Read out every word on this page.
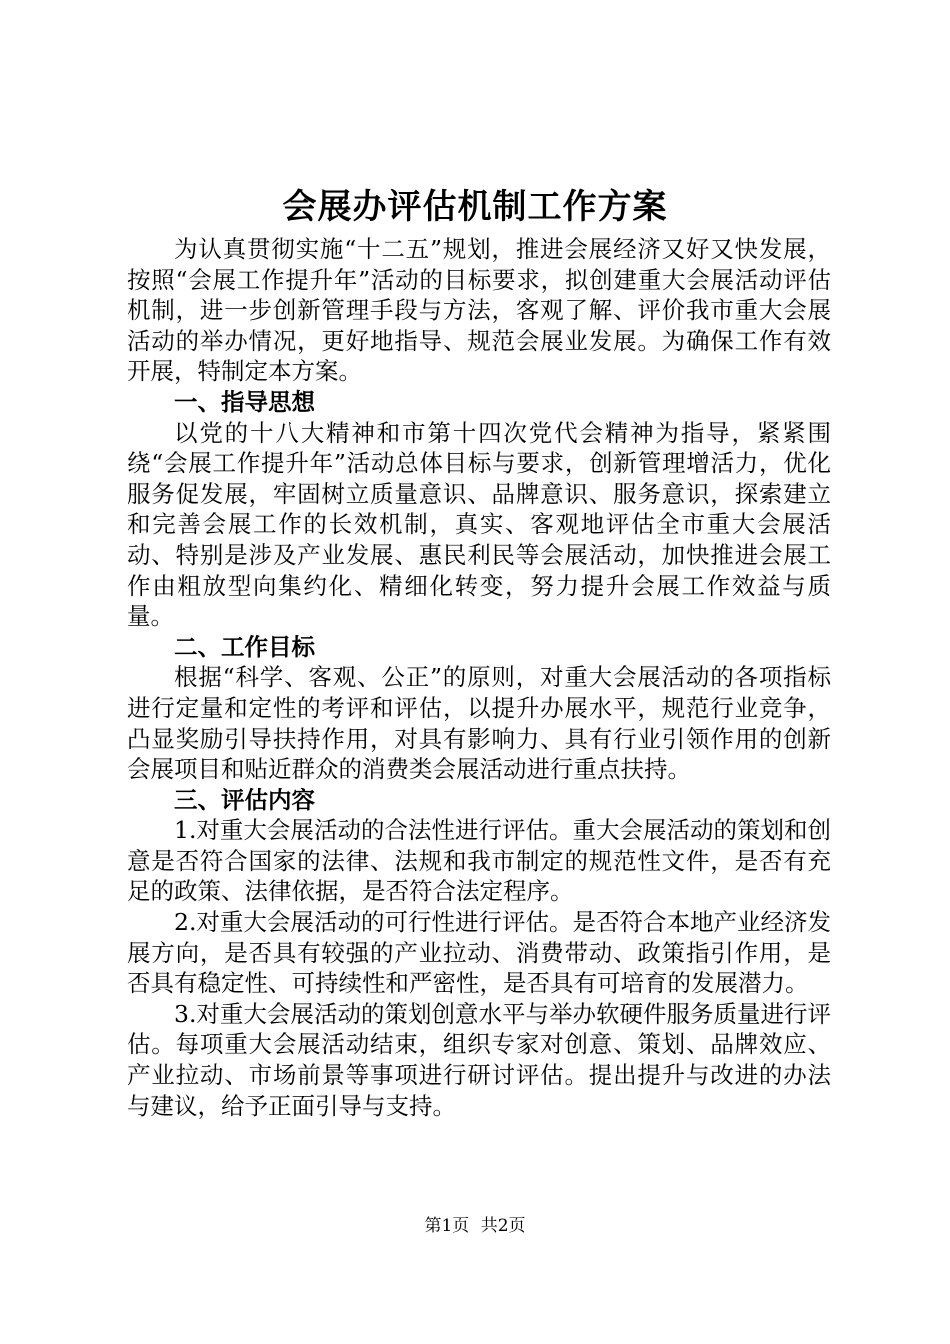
会展办评估机制工作方案

为认真贯彻实施“十二五”规划，推进会展经济又好又快发展，按照“会展工作提升年”活动的目标要求，拟创建重大会展活动评估机制，进一步创新管理手段与方法，客观了解、评价我市重大会展活动的举办情况，更好地指导、规范会展业发展。为确保工作有效开展，特制定本方案。

一、指导思想

以党的十八大精神和市第十四次党代会精神为指导，紧紧围绕“会展工作提升年”活动总体目标与要求，创新管理增活力，优化服务促发展，牢固树立质量意识、品牌意识、服务意识，探索建立和完善会展工作的长效机制，真实、客观地评估全市重大会展活动、特别是涉及产业发展、惠民利民等会展活动，加快推进会展工作由粗放型向集约化、精细化转变，努力提升会展工作效益与质量。

二、工作目标

根据“科学、客观、公正”的原则，对重大会展活动的各项指标进行定量和定性的考评和评估，以提升办展水平，规范行业竞争，凸显奖励引导扶持作用，对具有影响力、具有行业引领作用的创新会展项目和贴近群众的消费类会展活动进行重点扶持。

三、评估内容

1.对重大会展活动的合法性进行评估。重大会展活动的策划和创意是否符合国家的法律、法规和我市制定的规范性文件，是否有充足的政策、法律依据，是否符合法定程序。

2.对重大会展活动的可行性进行评估。是否符合本地产业经济发展方向，是否具有较强的产业拉动、消费带动、政策指引作用，是否具有稳定性、可持续性和严密性，是否具有可培育的发展潜力。

3.对重大会展活动的策划创意水平与举办软硬件服务质量进行评估。每项重大会展活动结束，组织专家对创意、策划、品牌效应、产业拉动、市场前景等事项进行研讨评估。提出提升与改进的办法与建议，给予正面引导与支持。

第1页 共2页
